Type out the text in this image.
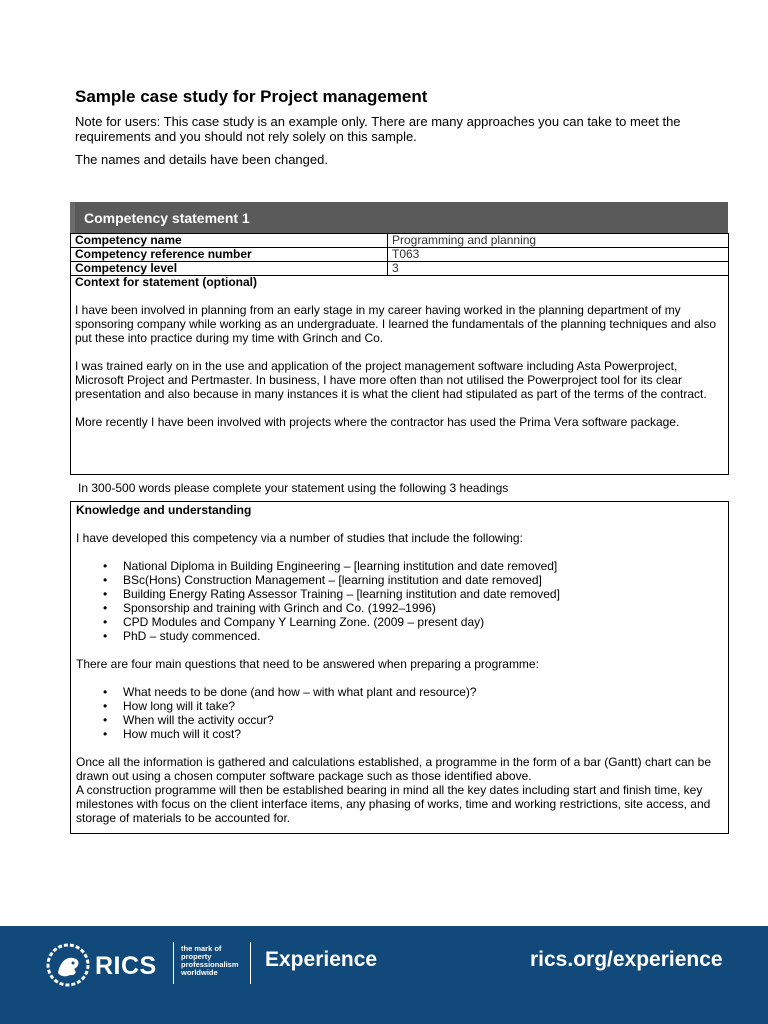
Sample case study for Project management
Note for users: This case study is an example only. There are many approaches you can take to meet the requirements and you should not rely solely on this sample.
The names and details have been changed.
Competency statement 1
Competency name	Programming and planning
Competency reference number	T063
Competency level	3
Context for statement (optional)

I have been involved in planning from an early stage in my career having worked in the planning department of my sponsoring company while working as an undergraduate. I learned the fundamentals of the planning techniques and also put these into practice during my time with Grinch and Co.

I was trained early on in the use and application of the project management software including Asta Powerproject, Microsoft Project and Pertmaster. In business, I have more often than not utilised the Powerproject tool for its clear presentation and also because in many instances it is what the client had stipulated as part of the terms of the contract.

More recently I have been involved with projects where the contractor has used the Prima Vera software package.

In 300-500 words please complete your statement using the following 3 headings
Knowledge and understanding

I have developed this competency via a number of studies that include the following:

• National Diploma in Building Engineering – [learning institution and date removed]
• BSc(Hons) Construction Management – [learning institution and date removed]
• Building Energy Rating Assessor Training – [learning institution and date removed]
• Sponsorship and training with Grinch and Co. (1992–1996)
• CPD Modules and Company Y Learning Zone. (2009 – present day)
• PhD – study commenced.

There are four main questions that need to be answered when preparing a programme:

• What needs to be done (and how – with what plant and resource)?
• How long will it take?
• When will the activity occur?
• How much will it cost?

Once all the information is gathered and calculations established, a programme in the form of a bar (Gantt) chart can be drawn out using a chosen computer software package such as those identified above.

A construction programme will then be established bearing in mind all the key dates including start and finish time, key milestones with focus on the client interface items, any phasing of works, time and working restrictions, site access, and storage of materials to be accounted for.

RICS
the mark of property professionalism worldwide
Experience	rics.org/experience
